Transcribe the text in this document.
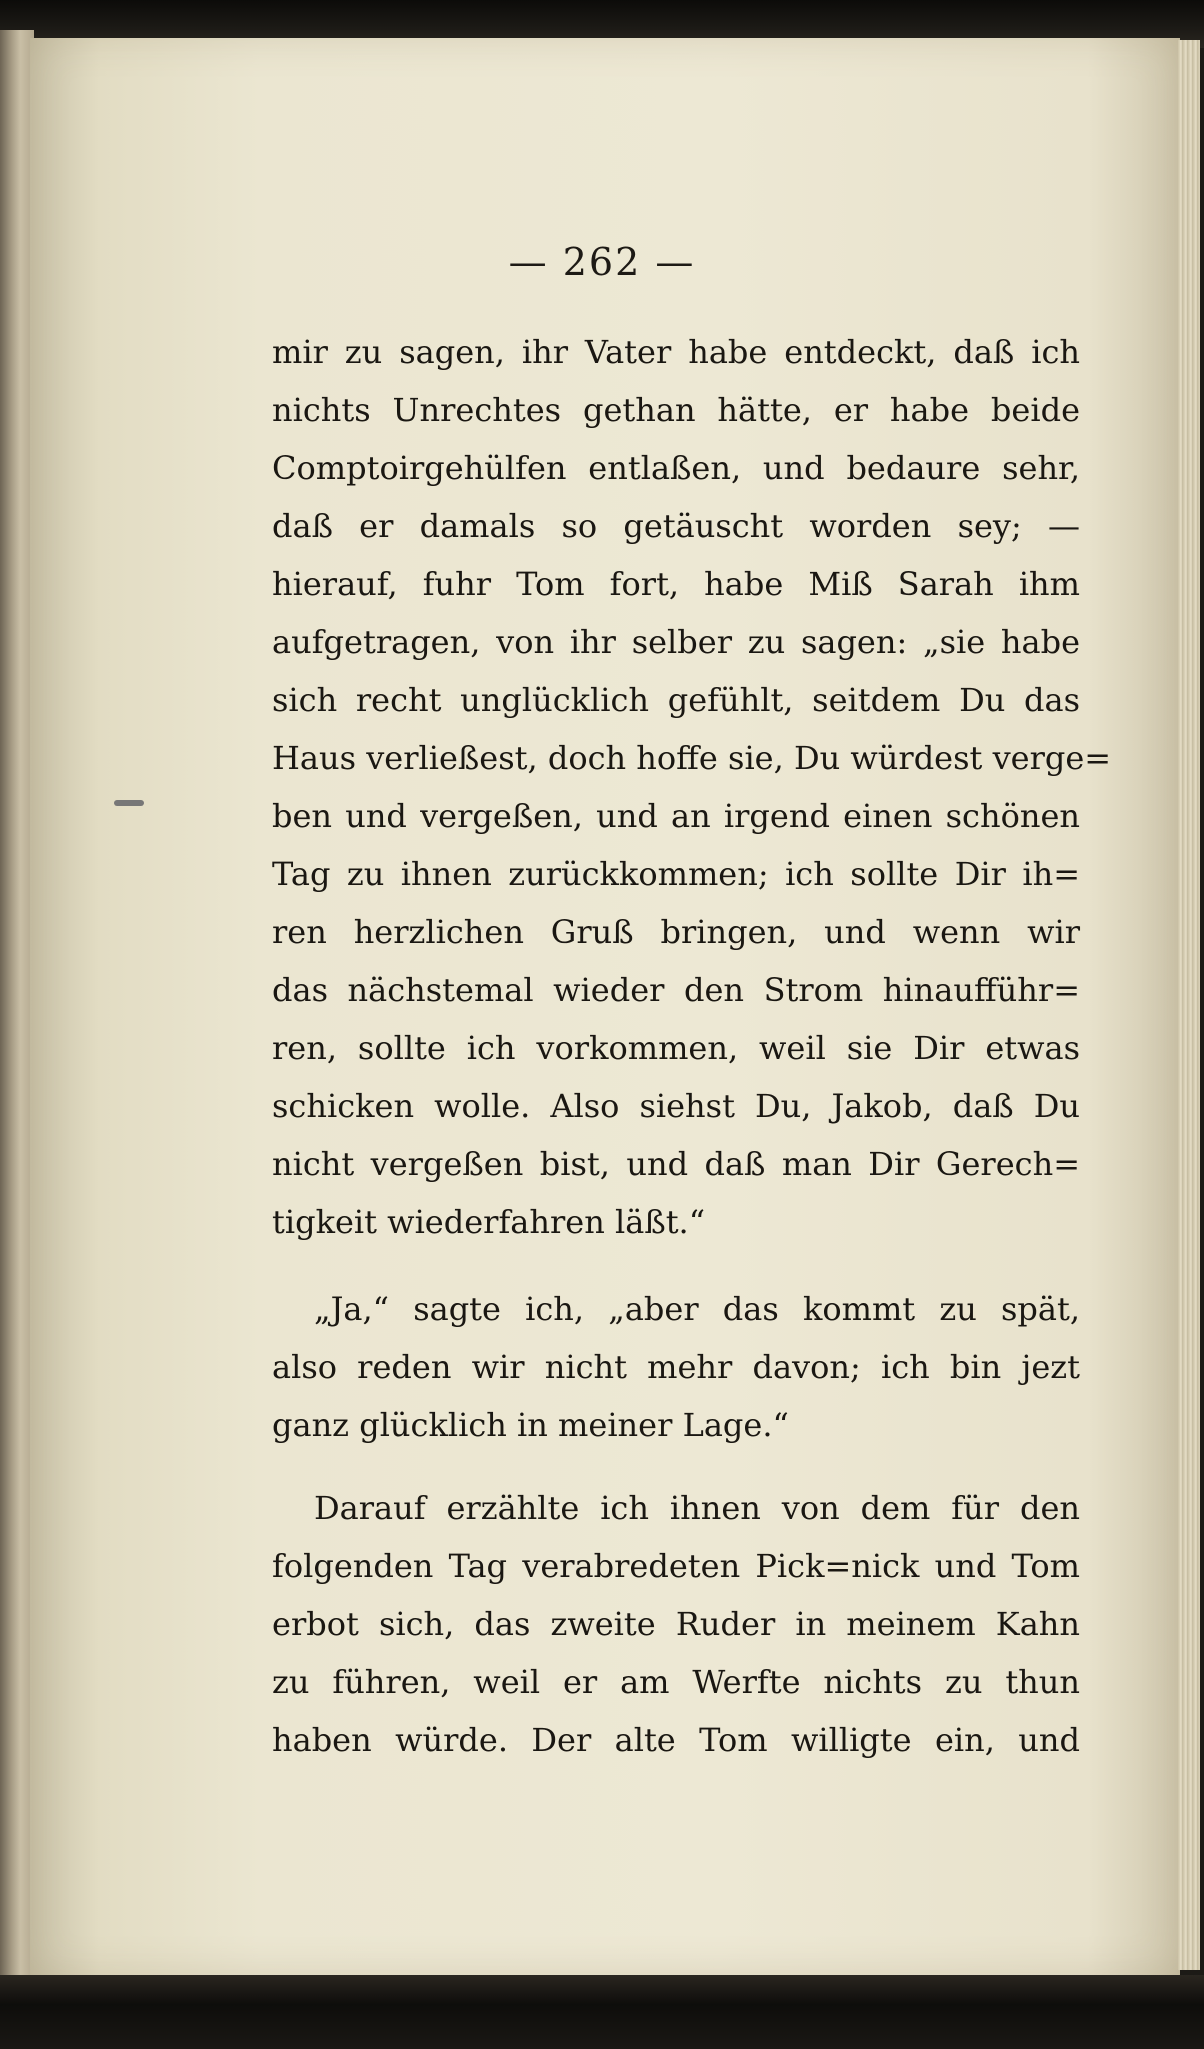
— 262 —
mir zu sagen, ihr Vater habe entdeckt, daß ich
nichts Unrechtes gethan hätte, er habe beide
Comptoirgehülfen entlaßen, und bedaure sehr,
daß er damals so getäuscht worden sey; —
hierauf, fuhr Tom fort, habe Miß Sarah ihm
aufgetragen, von ihr selber zu sagen: „sie habe
sich recht unglücklich gefühlt, seitdem Du das
Haus verließest, doch hoffe sie, Du würdest verge=
ben und vergeßen, und an irgend einen schönen
Tag zu ihnen zurückkommen; ich sollte Dir ih=
ren herzlichen Gruß bringen, und wenn wir
das nächstemal wieder den Strom hinaufführ=
ren, sollte ich vorkommen, weil sie Dir etwas
schicken wolle. Also siehst Du, Jakob, daß Du
nicht vergeßen bist, und daß man Dir Gerech=
tigkeit wiederfahren läßt.“
„Ja,“ sagte ich, „aber das kommt zu spät,
also reden wir nicht mehr davon; ich bin jezt
ganz glücklich in meiner Lage.“
Darauf erzählte ich ihnen von dem für den
folgenden Tag verabredeten Pick=nick und Tom
erbot sich, das zweite Ruder in meinem Kahn
zu führen, weil er am Werfte nichts zu thun
haben würde. Der alte Tom willigte ein, und
